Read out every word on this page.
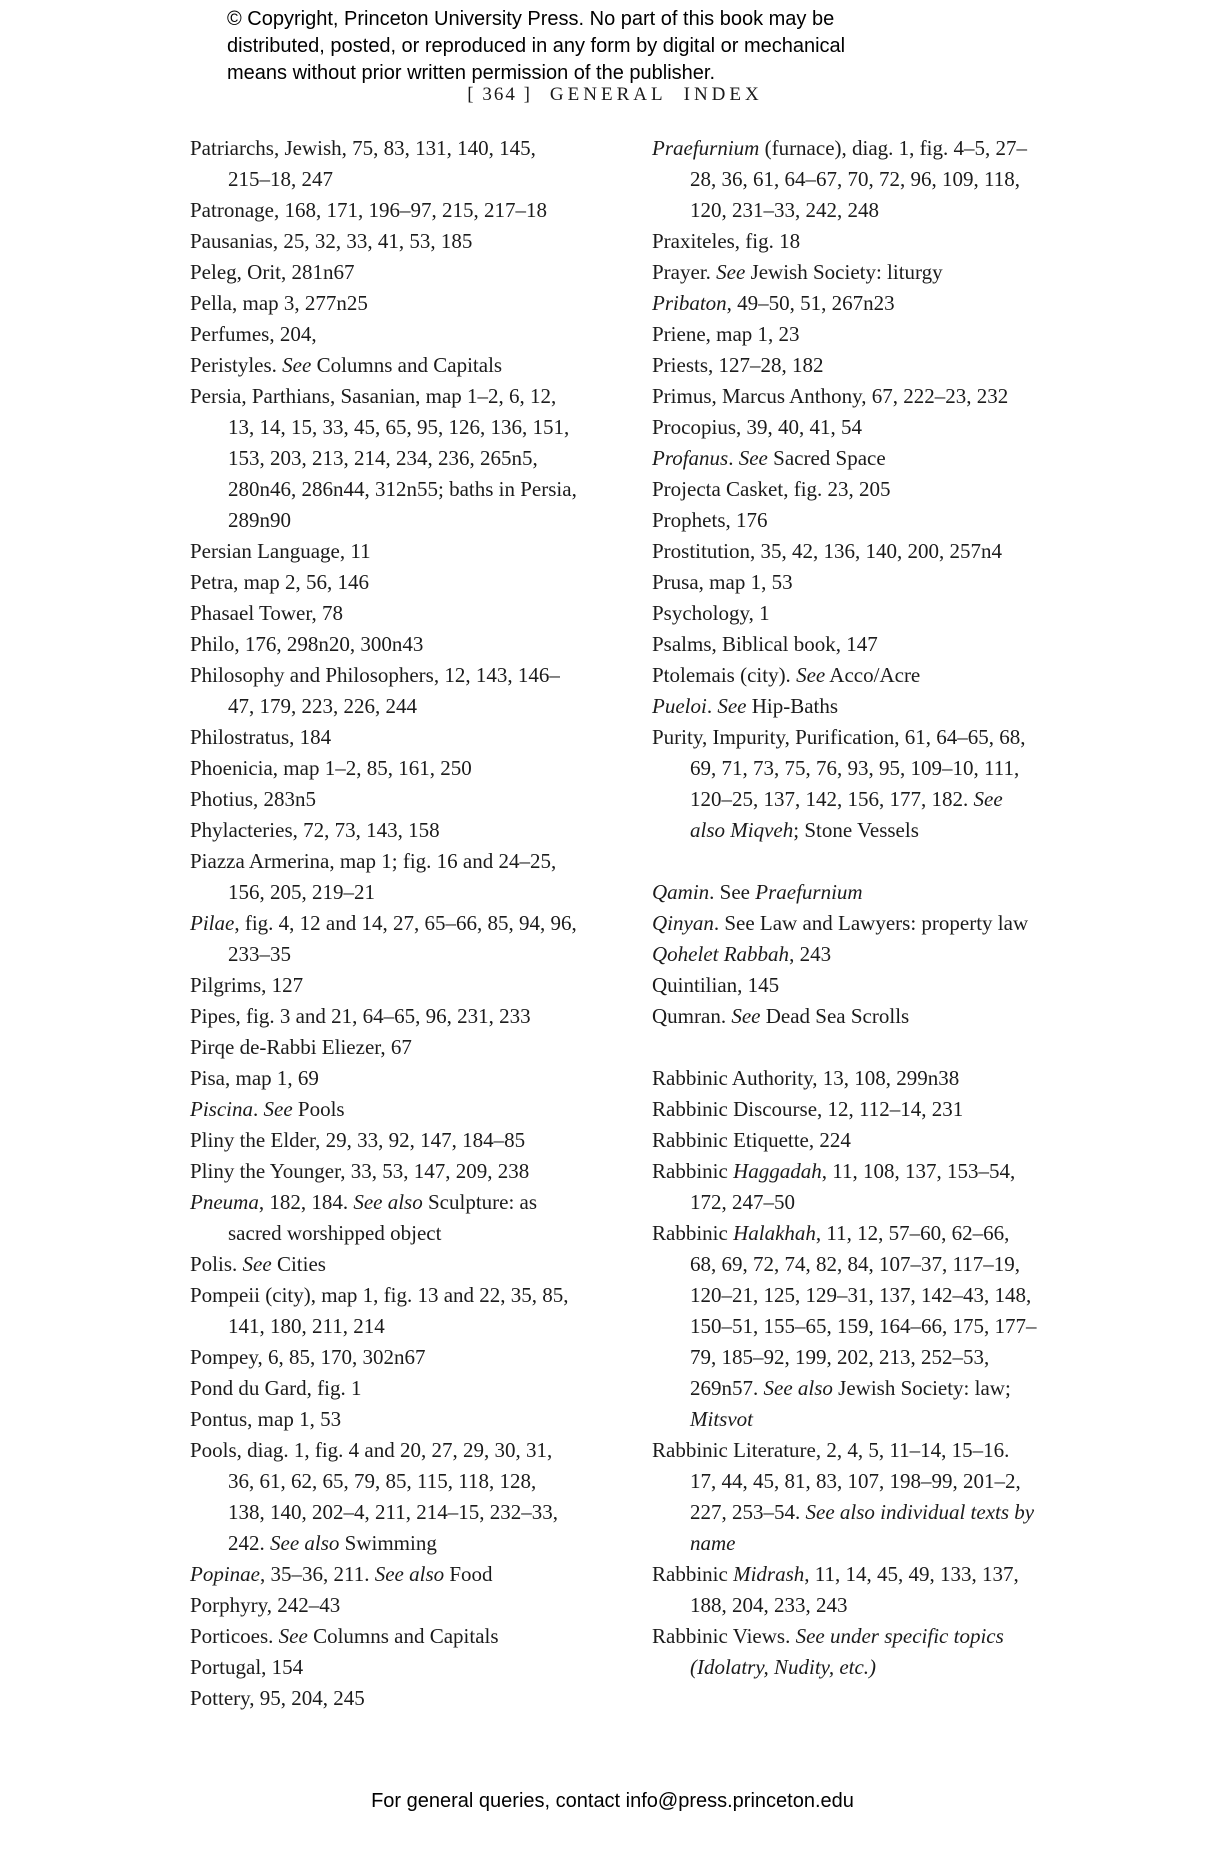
© Copyright, Princeton University Press. No part of this book may be
distributed, posted, or reproduced in any form by digital or mechanical
means without prior written permission of the publisher.
[ 364 ] GENERAL INDEX

Patriarchs, Jewish, 75, 83, 131, 140, 145, 215–18, 247

Patronage, 168, 171, 196–97, 215, 217–18

Pausanias, 25, 32, 33, 41, 53, 185

Peleg, Orit, 281n67

Pella, map 3, 277n25

Perfumes, 204,

Peristyles. See Columns and Capitals

Persia, Parthians, Sasanian, map 1–2, 6, 12, 13, 14, 15, 33, 45, 65, 95, 126, 136, 151, 153, 203, 213, 214, 234, 236, 265n5, 280n46, 286n44, 312n55; baths in Persia, 289n90

Persian Language, 11

Petra, map 2, 56, 146

Phasael Tower, 78

Philo, 176, 298n20, 300n43

Philosophy and Philosophers, 12, 143, 146–47, 179, 223, 226, 244

Philostratus, 184

Phoenicia, map 1–2, 85, 161, 250

Photius, 283n5

Phylacteries, 72, 73, 143, 158

Piazza Armerina, map 1; fig. 16 and 24–25, 156, 205, 219–21

Pilae, fig. 4, 12 and 14, 27, 65–66, 85, 94, 96, 233–35

Pilgrims, 127

Pipes, fig. 3 and 21, 64–65, 96, 231, 233

Pirqe de-Rabbi Eliezer, 67

Pisa, map 1, 69

Piscina. See Pools

Pliny the Elder, 29, 33, 92, 147, 184–85

Pliny the Younger, 33, 53, 147, 209, 238

Pneuma, 182, 184. See also Sculpture: as sacred worshipped object

Polis. See Cities

Pompeii (city), map 1, fig. 13 and 22, 35, 85, 141, 180, 211, 214

Pompey, 6, 85, 170, 302n67

Pond du Gard, fig. 1

Pontus, map 1, 53

Pools, diag. 1, fig. 4 and 20, 27, 29, 30, 31, 36, 61, 62, 65, 79, 85, 115, 118, 128, 138, 140, 202–4, 211, 214–15, 232–33, 242. See also Swimming

Popinae, 35–36, 211. See also Food

Porphyry, 242–43

Porticoes. See Columns and Capitals

Portugal, 154

Pottery, 95, 204, 245

Praefurnium (furnace), diag. 1, fig. 4–5, 27–28, 36, 61, 64–67, 70, 72, 96, 109, 118, 120, 231–33, 242, 248

Praxiteles, fig. 18

Prayer. See Jewish Society: liturgy

Pribaton, 49–50, 51, 267n23

Priene, map 1, 23

Priests, 127–28, 182

Primus, Marcus Anthony, 67, 222–23, 232

Procopius, 39, 40, 41, 54

Profanus. See Sacred Space

Projecta Casket, fig. 23, 205

Prophets, 176

Prostitution, 35, 42, 136, 140, 200, 257n4

Prusa, map 1, 53

Psychology, 1

Psalms, Biblical book, 147

Ptolemais (city). See Acco/Acre

Pueloi. See Hip-Baths

Purity, Impurity, Purification, 61, 64–65, 68, 69, 71, 73, 75, 76, 93, 95, 109–10, 111, 120–25, 137, 142, 156, 177, 182. See also Miqveh; Stone Vessels

Qamin. See Praefurnium

Qinyan. See Law and Lawyers: property law

Qohelet Rabbah, 243

Quintilian, 145

Qumran. See Dead Sea Scrolls

Rabbinic Authority, 13, 108, 299n38

Rabbinic Discourse, 12, 112–14, 231

Rabbinic Etiquette, 224

Rabbinic Haggadah, 11, 108, 137, 153–54, 172, 247–50

Rabbinic Halakhah, 11, 12, 57–60, 62–66, 68, 69, 72, 74, 82, 84, 107–37, 117–19, 120–21, 125, 129–31, 137, 142–43, 148, 150–51, 155–65, 159, 164–66, 175, 177–79, 185–92, 199, 202, 213, 252–53, 269n57. See also Jewish Society: law; Mitsvot

Rabbinic Literature, 2, 4, 5, 11–14, 15–16. 17, 44, 45, 81, 83, 107, 198–99, 201–2, 227, 253–54. See also individual texts by name

Rabbinic Midrash, 11, 14, 45, 49, 133, 137, 188, 204, 233, 243

Rabbinic Views. See under specific topics (Idolatry, Nudity, etc.)

For general queries, contact info@press.princeton.edu
